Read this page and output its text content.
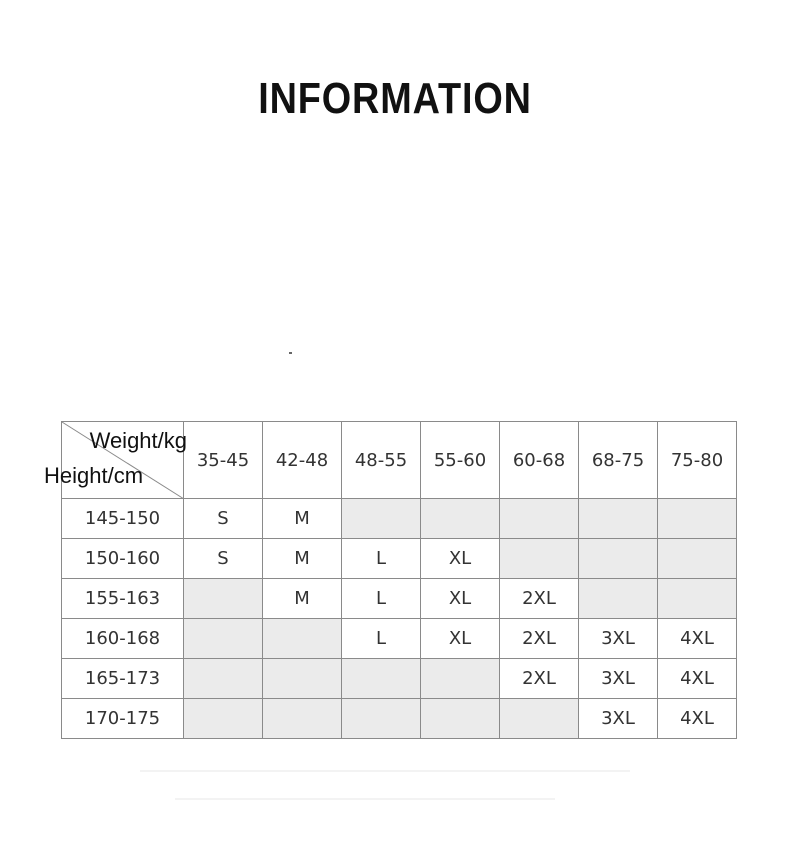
INFORMATION
Weight/kg
Height/cm	35-45	42-48	48-55	55-60	60-68	68-75	75-80
145-150	S	M					
150-160	S	M	L	XL			
155-163		M	L	XL	2XL		
160-168			L	XL	2XL	3XL	4XL
165-173					2XL	3XL	4XL
170-175						3XL	4XL
